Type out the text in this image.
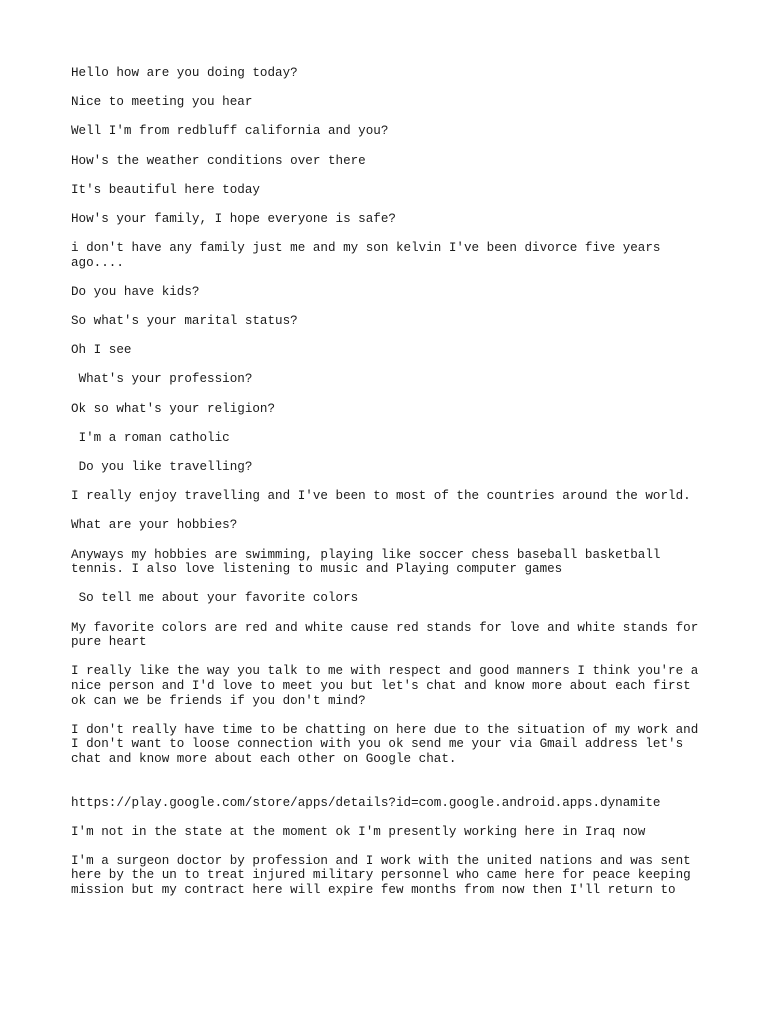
Hello how are you doing today?

Nice to meeting you hear

Well I'm from redbluff california and you?

How's the weather conditions over there

It's beautiful here today

How's your family, I hope everyone is safe?

i don't have any family just me and my son kelvin I've been divorce five years
ago....

Do you have kids?

So what's your marital status?

Oh I see

What's your profession?

Ok so what's your religion?

I'm a roman catholic

Do you like travelling?

I really enjoy travelling and I've been to most of the countries around the world.

What are your hobbies?

Anyways my hobbies are swimming, playing like soccer chess baseball basketball
tennis. I also love listening to music and Playing computer games

So tell me about your favorite colors

My favorite colors are red and white cause red stands for love and white stands for
pure heart

I really like the way you talk to me with respect and good manners I think you're a
nice person and I'd love to meet you but let's chat and know more about each first
ok can we be friends if you don't mind?

I don't really have time to be chatting on here due to the situation of my work and
I don't want to loose connection with you ok send me your via Gmail address let's
chat and know more about each other on Google chat.

https://play.google.com/store/apps/details?id=com.google.android.apps.dynamite

I'm not in the state at the moment ok I'm presently working here in Iraq now

I'm a surgeon doctor by profession and I work with the united nations and was sent
here by the un to treat injured military personnel who came here for peace keeping
mission but my contract here will expire few months from now then I'll return to
